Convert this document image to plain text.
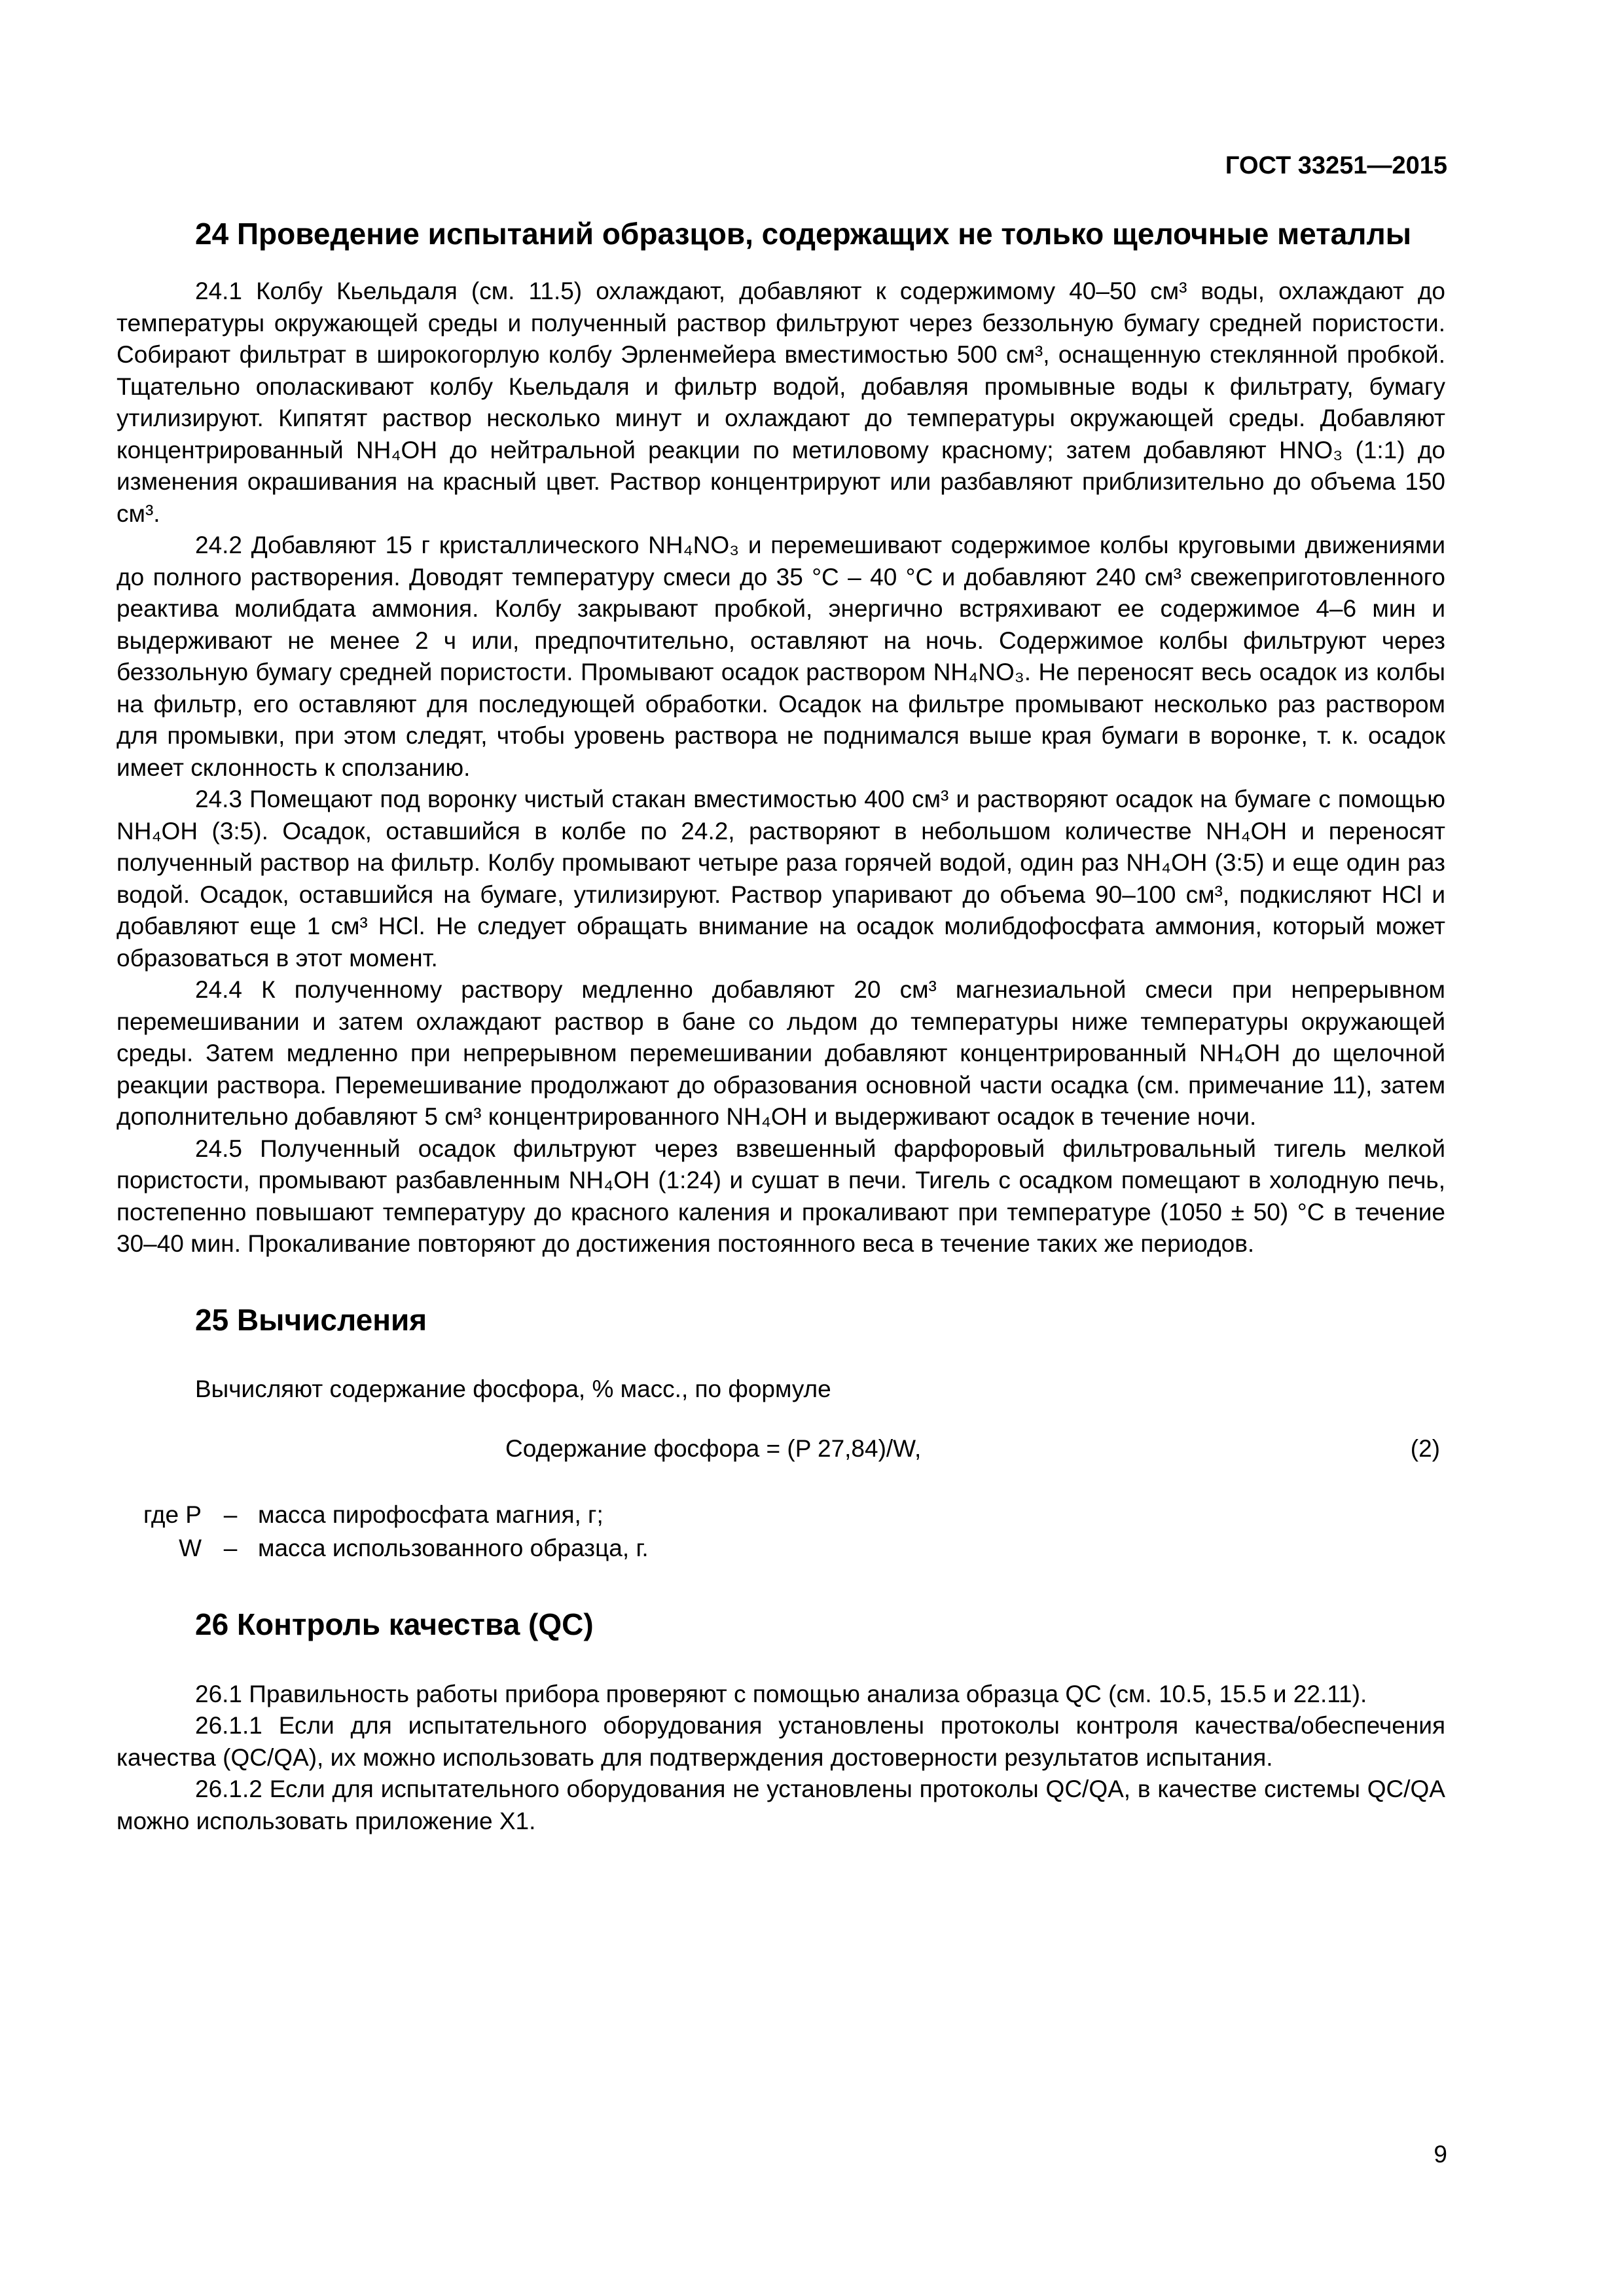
ГОСТ 33251—2015
24 Проведение испытаний образцов, содержащих не только щелочные металлы

24.1 Колбу Кьельдаля (см. 11.5) охлаждают, добавляют к содержимому 40–50 см³ воды, охлаждают до температуры окружающей среды и полученный раствор фильтруют через беззольную бумагу средней пористости. Собирают фильтрат в широкогорлую колбу Эрленмейера вместимостью 500 см³, оснащенную стеклянной пробкой. Тщательно ополаскивают колбу Кьельдаля и фильтр водой, добавляя промывные воды к фильтрату, бумагу утилизируют. Кипятят раствор несколько минут и охлаждают до температуры окружающей среды. Добавляют концентрированный NH₄OH до нейтральной реакции по метиловому красному; затем добавляют HNO₃ (1:1) до изменения окрашивания на красный цвет. Раствор концентрируют или разбавляют приблизительно до объема 150 см³.

24.2 Добавляют 15 г кристаллического NH₄NO₃ и перемешивают содержимое колбы круговыми движениями до полного растворения. Доводят температуру смеси до 35 °С – 40 °С и добавляют 240 см³ свежеприготовленного реактива молибдата аммония. Колбу закрывают пробкой, энергично встряхивают ее содержимое 4–6 мин и выдерживают не менее 2 ч или, предпочтительно, оставляют на ночь. Содержимое колбы фильтруют через беззольную бумагу средней пористости. Промывают осадок раствором NH₄NO₃. Не переносят весь осадок из колбы на фильтр, его оставляют для последующей обработки. Осадок на фильтре промывают несколько раз раствором для промывки, при этом следят, чтобы уровень раствора не поднимался выше края бумаги в воронке, т. к. осадок имеет склонность к сползанию.

24.3 Помещают под воронку чистый стакан вместимостью 400 см³ и растворяют осадок на бумаге с помощью NH₄OH (3:5). Осадок, оставшийся в колбе по 24.2, растворяют в небольшом количестве NH₄OH и переносят полученный раствор на фильтр. Колбу промывают четыре раза горячей водой, один раз NH₄OH (3:5) и еще один раз водой. Осадок, оставшийся на бумаге, утилизируют. Раствор упаривают до объема 90–100 см³, подкисляют HCl и добавляют еще 1 см³ HCl. Не следует обращать внимание на осадок молибдофосфата аммония, который может образоваться в этот момент.

24.4 К полученному раствору медленно добавляют 20 см³ магнезиальной смеси при непрерывном перемешивании и затем охлаждают раствор в бане со льдом до температуры ниже температуры окружающей среды. Затем медленно при непрерывном перемешивании добавляют концентрированный NH₄OH до щелочной реакции раствора. Перемешивание продолжают до образования основной части осадка (см. примечание 11), затем дополнительно добавляют 5 см³ концентрированного NH₄OH и выдерживают осадок в течение ночи.

24.5 Полученный осадок фильтруют через взвешенный фарфоровый фильтровальный тигель мелкой пористости, промывают разбавленным NH₄OH (1:24) и сушат в печи. Тигель с осадком помещают в холодную печь, постепенно повышают температуру до красного каления и прокаливают при температуре (1050 ± 50) °С в течение 30–40 мин. Прокаливание повторяют до достижения постоянного веса в течение таких же периодов.

25 Вычисления

Вычисляют содержание фосфора, % масс., по формуле

Содержание фосфора = (P 27,84)/W,	(2)
где P – масса пирофосфата магния, г;
W – масса использованного образца, г.
26 Контроль качества (QC)

26.1 Правильность работы прибора проверяют с помощью анализа образца QC (см. 10.5, 15.5 и 22.11).

26.1.1 Если для испытательного оборудования установлены протоколы контроля качества/обеспечения качества (QC/QA), их можно использовать для подтверждения достоверности результатов испытания.

26.1.2 Если для испытательного оборудования не установлены протоколы QC/QA, в качестве системы QC/QA можно использовать приложение X1.

9
